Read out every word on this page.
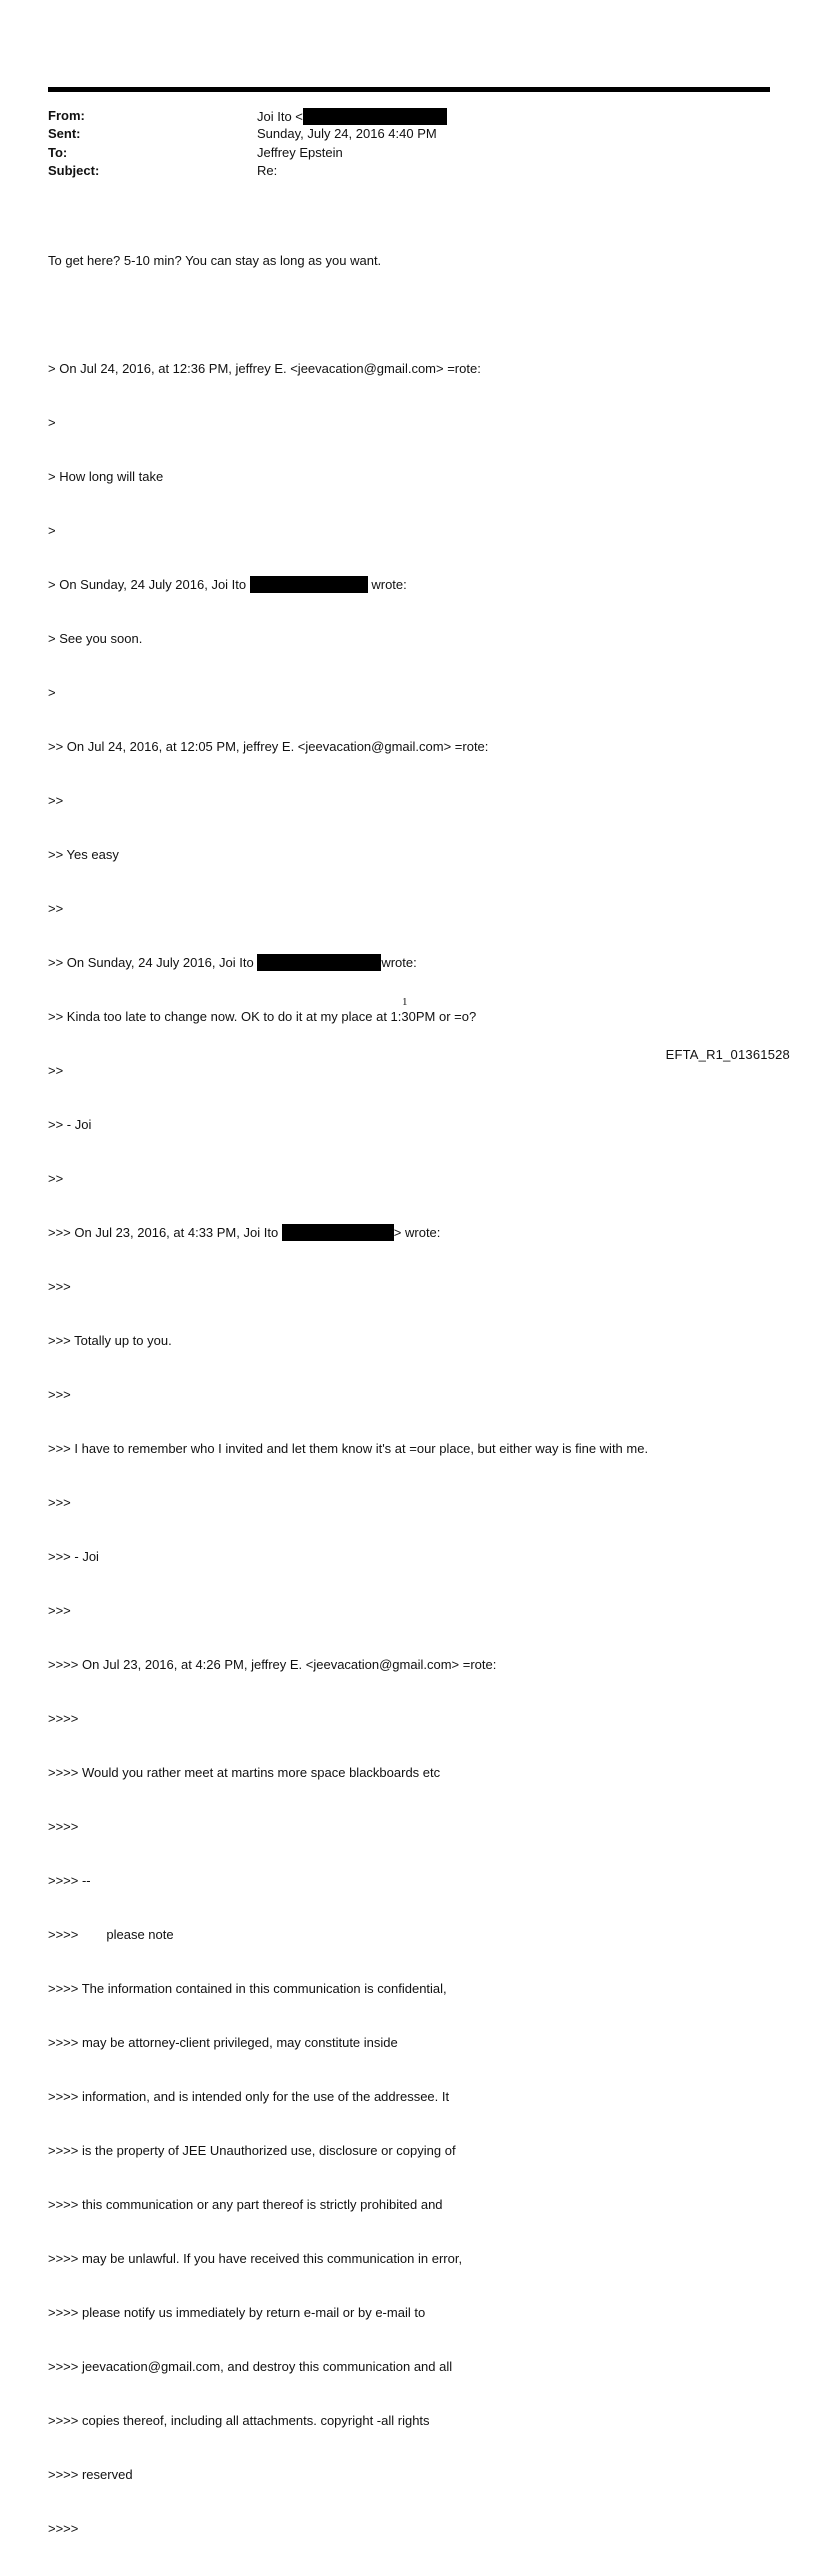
From:	Joi Ito <
Sent:	Sunday, July 24, 2016 4:40 PM
To:	Jeffrey Epstein
Subject:	Re:

To get here? 5-10 min? You can stay as long as you want.

> On Jul 24, 2016, at 12:36 PM, jeffrey E. <jeevacation@gmail.com> =rote:

>

> How long will take

>

> On Sunday, 24 July 2016, Joi Ito	wrote:

> See you soon.

>

>> On Jul 24, 2016, at 12:05 PM, jeffrey E. <jeevacation@gmail.com> =rote:

>>

>> Yes easy

>>

>> On Sunday, 24 July 2016, Joi Ito	wrote:

>> Kinda too late to change now. OK to do it at my place at 1:30PM or =o?

>>

>> - Joi

>>

>>> On Jul 23, 2016, at 4:33 PM, Joi Ito	> wrote:

>>>

>>> Totally up to you.

>>>

>>> I have to remember who I invited and let them know it's at =our place, but either way is fine with me.

>>>

>>> - Joi

>>>

>>>> On Jul 23, 2016, at 4:26 PM, jeffrey E. <jeevacation@gmail.com> =rote:

>>>>

>>>> Would you rather meet at martins more space blackboards etc

>>>>

>>>> --

>>>> please note

>>>> The information contained in this communication is confidential,

>>>> may be attorney-client privileged, may constitute inside

>>>> information, and is intended only for the use of the addressee. It

>>>> is the property of JEE Unauthorized use, disclosure or copying of

>>>> this communication or any part thereof is strictly prohibited and

>>>> may be unlawful. If you have received this communication in error,

>>>> please notify us immediately by return e-mail or by e-mail to

>>>> jeevacation@gmail.com, and destroy this communication and all

>>>> copies thereof, including all attachments. copyright -all rights

>>>> reserved

>>>>

1
EFTA_R1_01361528
